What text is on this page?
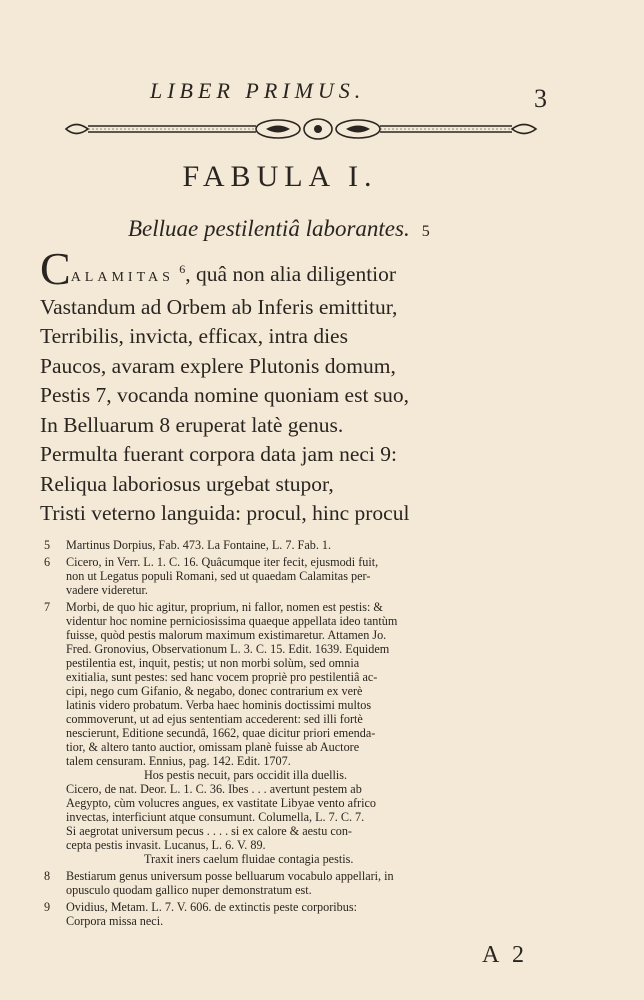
LIBER PRIMUS.	3
FABULA I.
Belluae pestilentiâ laborantes. 5
CALAMITAS $^6$, quâ non alia diligentior
Vastandum ad Orbem ab Inferis emittitur,
Terribilis, invicta, efficax, intra dies
Paucos, avaram explere Plutonis domum,
Pestis 7, vocanda nomine quoniam est suo,
In Belluarum 8 eruperat latè genus.
Permulta fuerant corpora data jam neci 9:
Reliqua laboriosus urgebat stupor,
Tristi veterno languida: procul, hinc procul
5 Martinus Dorpius, Fab. 473. La Fontaine, L. 7. Fab. 1.
6 Cicero, in Verr. L. 1. C. 16. Quâcumque iter fecit, ejusmodi fuit,
non ut Legatus populi Romani, sed ut quaedam Calamitas per-
vadere videretur.
7 Morbi, de quo hic agitur, proprium, ni fallor, nomen est pestis: &
videntur hoc nomine perniciosissima quaeque appellata ideo tantùm
fuisse, quòd pestis malorum maximum existimaretur. Attamen Jo.
Fred. Gronovius, Observationum L. 3. C. 15. Edit. 1639. Equidem
pestilentia est, inquit, pestis; ut non morbi solùm, sed omnia
exitialia, sunt pestes: sed hanc vocem propriè pro pestilentiâ ac-
cipi, nego cum Gifanio, & negabo, donec contrarium ex verè
latinis videro probatum. Verba haec hominis doctissimi multos
commoverunt, ut ad ejus sententiam accederent: sed illi fortè
nescierunt, Editione secundâ, 1662, quae dicitur priori emenda-
tior, & altero tanto auctior, omissam planè fuisse ab Auctore
talem censuram. Ennius, pag. 142. Edit. 1707.
Hos pestis necuit, pars occidit illa duellis.
Cicero, de nat. Deor. L. 1. C. 36. Ibes . . . avertunt pestem ab
Aegypto, cùm volucres angues, ex vastitate Libyae vento africo
invectas, interficiunt atque consumunt. Columella, L. 7. C. 7.
Si aegrotat universum pecus . . . . si ex calore & aestu con-
cepta pestis invasit. Lucanus, L. 6. V. 89.
Traxit iners caelum fluidae contagia pestis.
8 Bestiarum genus universum posse belluarum vocabulo appellari, in
opusculo quodam gallico nuper demonstratum est.
9 Ovidius, Metam. L. 7. V. 606. de extinctis peste corporibus:
Corpora missa neci.
A 2
